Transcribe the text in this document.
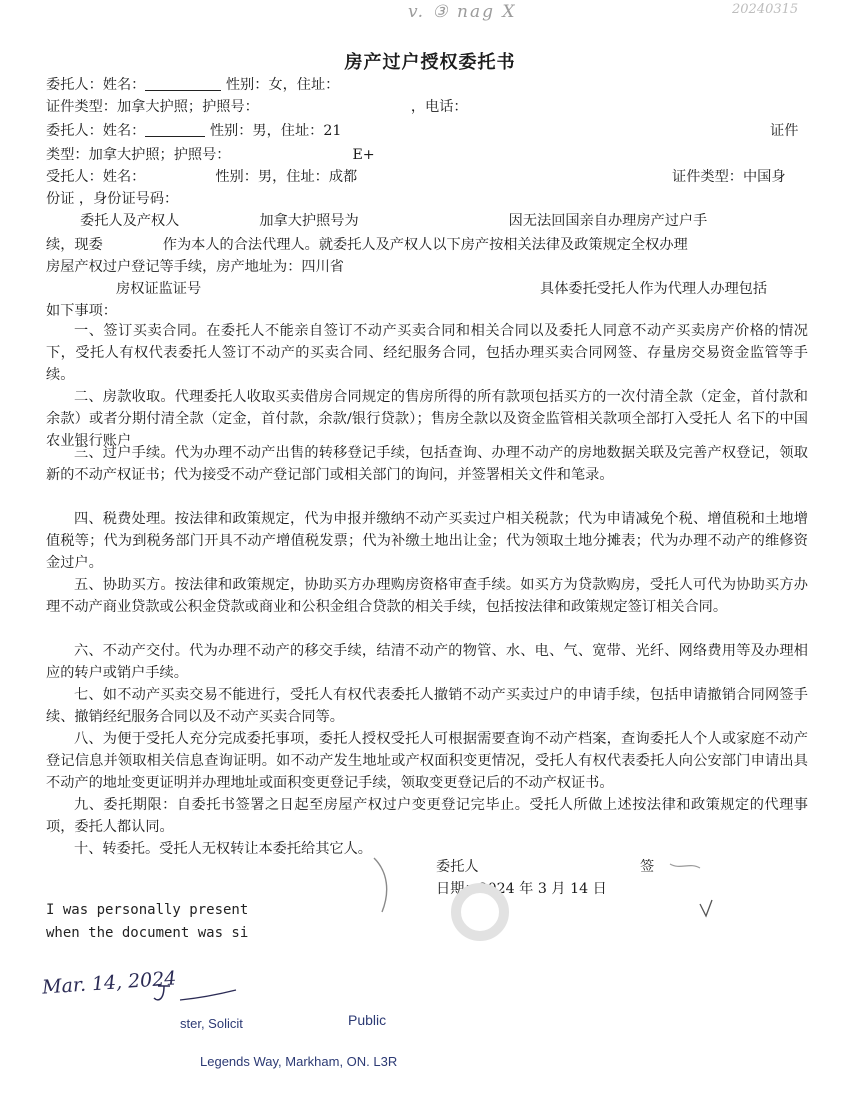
v. ③ nag X	20240315
房产过户授权委托书
委托人：姓名：	性别：女，住址：
证件类型：加拿大护照；护照号：	，电话：
委托人：姓名：	性别：男，住址：21	证件
类型：加拿大护照；护照号：	E+
受托人：姓名：	性别：男，住址：成都	证件类型：中国身
份证 ，身份证号码：
委托人及产权人	加拿大护照号为	因无法回国亲自办理房产过户手
续，现委	作为本人的合法代理人。就委托人及产权人以下房产按相关法律及政策规定全权办理
房屋产权过户登记等手续，房产地址为：四川省
房权证监证号	具体委托受托人作为代理人办理包括
如下事项：
一、签订买卖合同。在委托人不能亲自签订不动产买卖合同和相关合同以及委托人同意不动产买卖房产价格的情况下，受托人有权代表委托人签订不动产的买卖合同、经纪服务合同，包括办理买卖合同网签、存量房交易资金监管等手续。
二、房款收取。代理委托人收取买卖借房合同规定的售房所得的所有款项包括买方的一次付清全款（定金，首付款和余款）或者分期付清全款（定金，首付款，余款/银行贷款）；售房全款以及资金监管相关款项全部打入受托人 名下的中国农业银行账户
三、过户手续。代为办理不动产出售的转移登记手续，包括查询、办理不动产的房地数据关联及完善产权登记，领取新的不动产权证书；代为接受不动产登记部门或相关部门的询问，并签署相关文件和笔录。
四、税费处理。按法律和政策规定，代为申报并缴纳不动产买卖过户相关税款；代为申请减免个税、增值税和土地增值税等；代为到税务部门开具不动产增值税发票；代为补缴土地出让金；代为领取土地分摊表；代为办理不动产的维修资金过户。
五、协助买方。按法律和政策规定，协助买方办理购房资格审查手续。如买方为贷款购房，受托人可代为协助买方办理不动产商业贷款或公积金贷款或商业和公积金组合贷款的相关手续，包括按法律和政策规定签订相关合同。
六、不动产交付。代为办理不动产的移交手续，结清不动产的物管、水、电、气、宽带、光纤、网络费用等及办理相应的转户或销户手续。
七、如不动产买卖交易不能进行，受托人有权代表委托人撤销不动产买卖过户的申请手续，包括申请撤销合同网签手续、撤销经纪服务合同以及不动产买卖合同等。
八、为便于受托人充分完成委托事项，委托人授权受托人可根据需要查询不动产档案，查询委托人个人或家庭不动产登记信息并领取相关信息查询证明。如不动产发生地址或产权面积变更情况，受托人有权代表委托人向公安部门申请出具不动产的地址变更证明并办理地址或面积变更登记手续，领取变更登记后的不动产权证书。
九、委托期限：自委托书签署之日起至房屋产权过户变更登记完毕止。受托人所做上述按法律和政策规定的代理事项，委托人都认同。
十、转委托。受托人无权转让本委托给其它人。
委托人	签
日期：2024 年 3 月 14 日
I was personally present
when the document was si
Mar. 14, 2024
ster, Solicit	Public
Legends Way, Markham, ON. L3R
